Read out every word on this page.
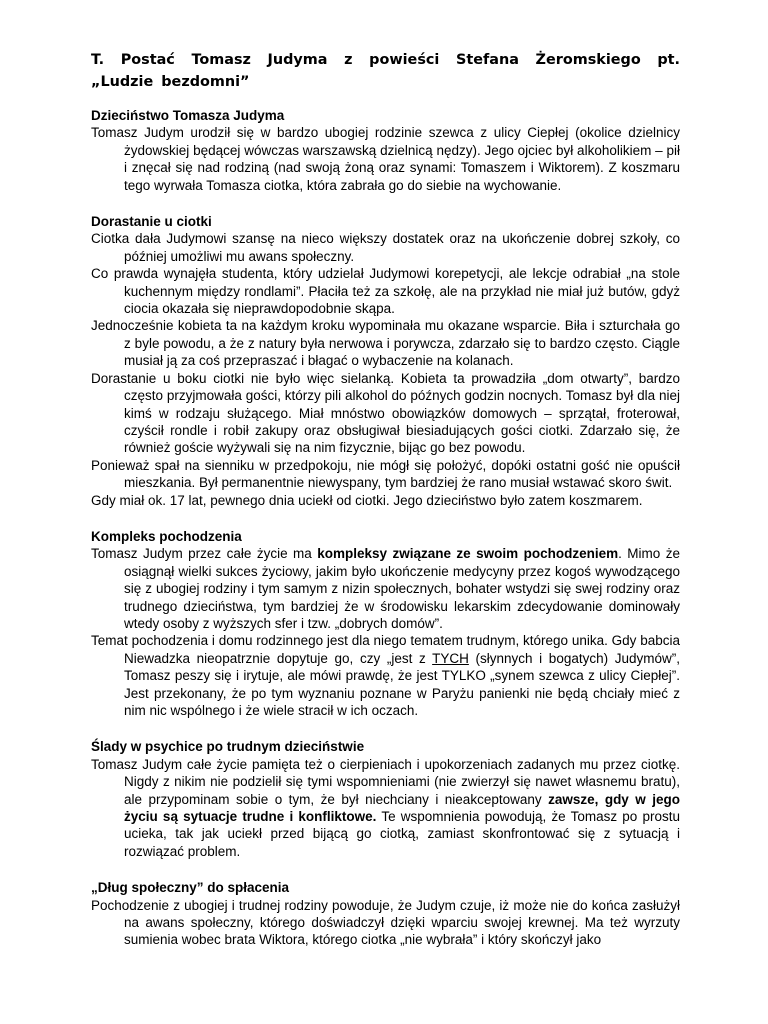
T. Postać Tomasz Judyma z powieści Stefana Żeromskiego pt. „Ludzie bezdomni”
Dzieciństwo Tomasza Judyma

Tomasz Judym urodził się w bardzo ubogiej rodzinie szewca z ulicy Ciepłej (okolice dzielnicy żydowskiej będącej wówczas warszawską dzielnicą nędzy). Jego ojciec był alkoholikiem – pił i znęcał się nad rodziną (nad swoją żoną oraz synami: Tomaszem i Wiktorem). Z koszmaru tego wyrwała Tomasza ciotka, która zabrała go do siebie na wychowanie.

Dorastanie u ciotki

Ciotka dała Judymowi szansę na nieco większy dostatek oraz na ukończenie dobrej szkoły, co później umożliwi mu awans społeczny.

Co prawda wynajęła studenta, który udzielał Judymowi korepetycji, ale lekcje odrabiał „na stole kuchennym między rondlami”. Płaciła też za szkołę, ale na przykład nie miał już butów, gdyż ciocia okazała się nieprawdopodobnie skąpa.

Jednocześnie kobieta ta na każdym kroku wypominała mu okazane wsparcie. Biła i szturchała go z byle powodu, a że z natury była nerwowa i porywcza, zdarzało się to bardzo często. Ciągle musiał ją za coś przepraszać i błagać o wybaczenie na kolanach.

Dorastanie u boku ciotki nie było więc sielanką. Kobieta ta prowadziła „dom otwarty”, bardzo często przyjmowała gości, którzy pili alkohol do późnych godzin nocnych. Tomasz był dla niej kimś w rodzaju służącego. Miał mnóstwo obowiązków domowych – sprzątał, froterował, czyścił rondle i robił zakupy oraz obsługiwał biesiadujących gości ciotki. Zdarzało się, że również goście wyżywali się na nim fizycznie, bijąc go bez powodu.

Ponieważ spał na sienniku w przedpokoju, nie mógł się położyć, dopóki ostatni gość nie opuścił mieszkania. Był permanentnie niewyspany, tym bardziej że rano musiał wstawać skoro świt.

Gdy miał ok. 17 lat, pewnego dnia uciekł od ciotki. Jego dzieciństwo było zatem koszmarem.

Kompleks pochodzenia

Tomasz Judym przez całe życie ma kompleksy związane ze swoim pochodzeniem. Mimo że osiągnął wielki sukces życiowy, jakim było ukończenie medycyny przez kogoś wywodzącego się z ubogiej rodziny i tym samym z nizin społecznych, bohater wstydzi się swej rodziny oraz trudnego dzieciństwa, tym bardziej że w środowisku lekarskim zdecydowanie dominowały wtedy osoby z wyższych sfer i tzw. „dobrych domów”.

Temat pochodzenia i domu rodzinnego jest dla niego tematem trudnym, którego unika. Gdy babcia Niewadzka nieopatrznie dopytuje go, czy „jest z TYCH (słynnych i bogatych) Judymów”, Tomasz peszy się i irytuje, ale mówi prawdę, że jest TYLKO „synem szewca z ulicy Ciepłej”. Jest przekonany, że po tym wyznaniu poznane w Paryżu panienki nie będą chciały mieć z nim nic wspólnego i że wiele stracił w ich oczach.

Ślady w psychice po trudnym dzieciństwie

Tomasz Judym całe życie pamięta też o cierpieniach i upokorzeniach zadanych mu przez ciotkę. Nigdy z nikim nie podzielił się tymi wspomnieniami (nie zwierzył się nawet własnemu bratu), ale przypominam sobie o tym, że był niechciany i nieakceptowany zawsze, gdy w jego życiu są sytuacje trudne i konfliktowe. Te wspomnienia powodują, że Tomasz po prostu ucieka, tak jak uciekł przed bijącą go ciotką, zamiast skonfrontować się z sytuacją i rozwiązać problem.

„Dług społeczny” do spłacenia

Pochodzenie z ubogiej i trudnej rodziny powoduje, że Judym czuje, iż może nie do końca zasłużył na awans społeczny, którego doświadczył dzięki wparciu swojej krewnej. Ma też wyrzuty sumienia wobec brata Wiktora, którego ciotka „nie wybrała” i który skończył jako
